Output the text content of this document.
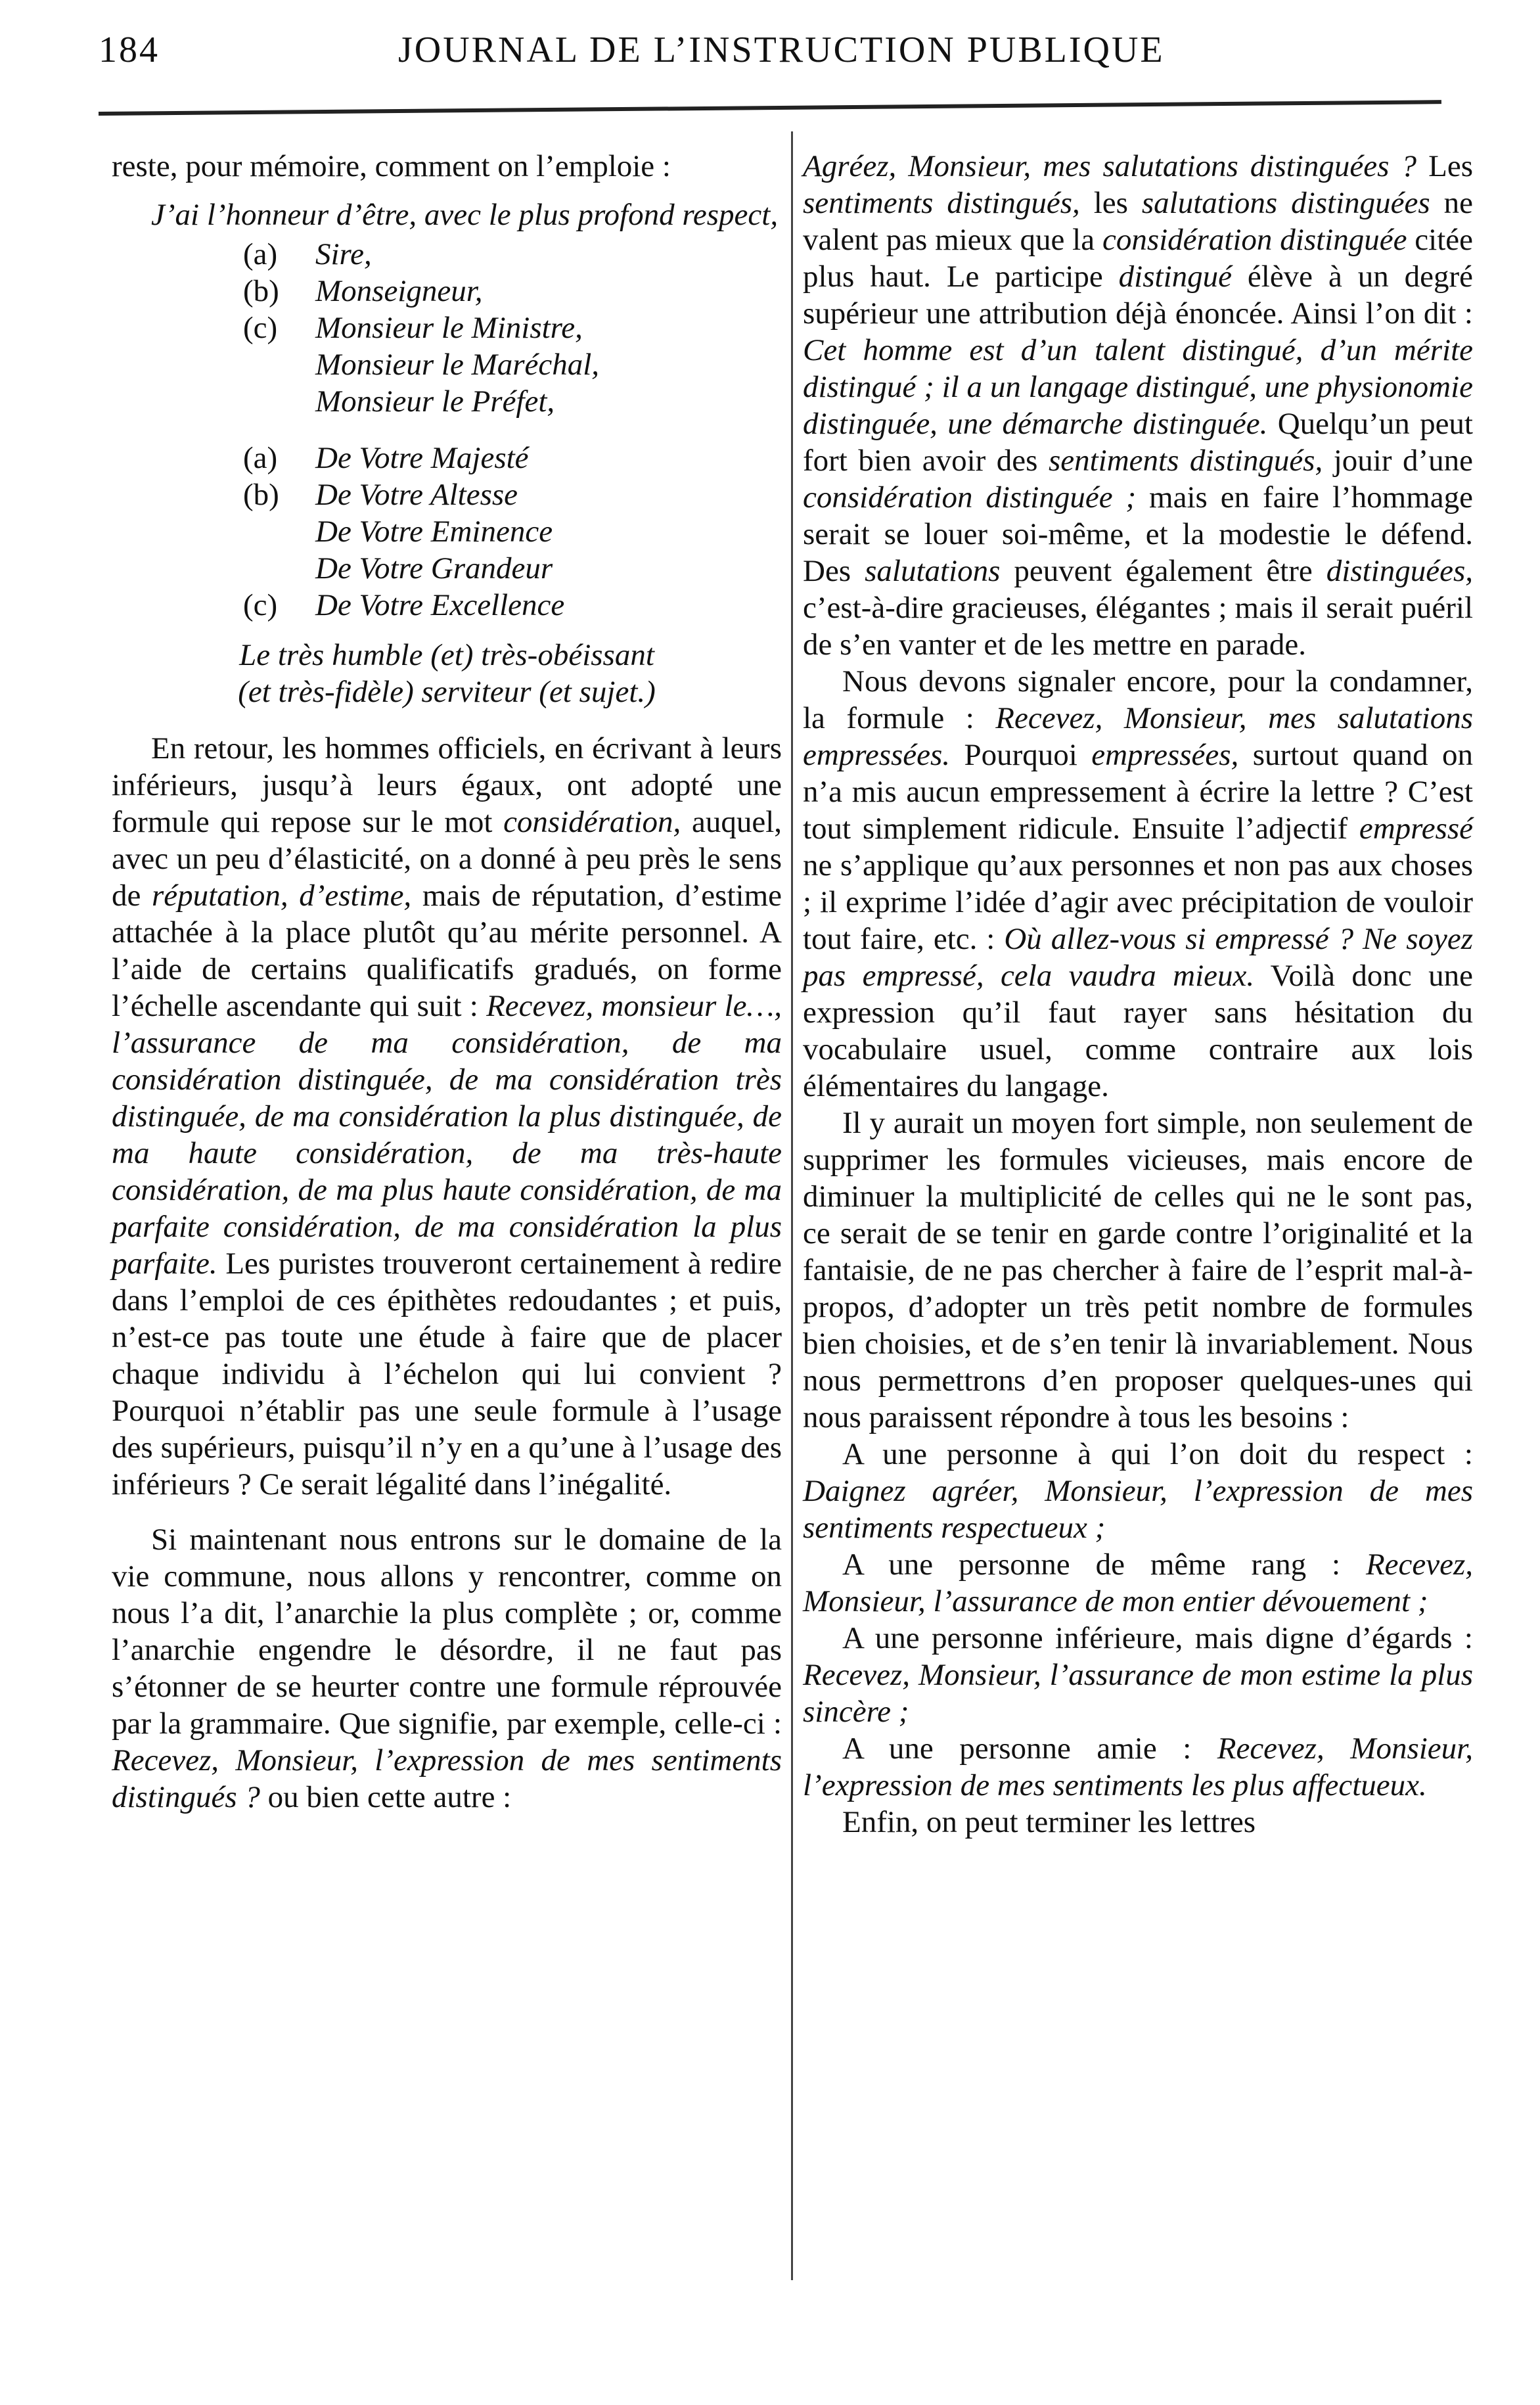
184	JOURNAL DE L’INSTRUCTION PUBLIQUE

reste, pour mémoire, comment on l’emploie :

J’ai l’honneur d’être, avec le plus profond respect,

(a) Sire,
(b) Monseigneur,
(c) Monsieur le Ministre,
Monsieur le Maréchal,
Monsieur le Préfet,
(a) De Votre Majesté
(b) De Votre Altesse
De Votre Eminence
De Votre Grandeur
(c) De Votre Excellence
Le très humble (et) très-obéissant
(et très-fidèle) serviteur (et sujet.)

En retour, les hommes officiels, en écrivant à leurs inférieurs, jusqu’à leurs égaux, ont adopté une formule qui repose sur le mot considération, auquel, avec un peu d’élasticité, on a donné à peu près le sens de réputation, d’estime, mais de réputation, d’estime attachée à la place plutôt qu’au mérite personnel. A l’aide de certains qualificatifs gradués, on forme l’échelle ascendante qui suit : Recevez, monsieur le…, l’assurance de ma considération, de ma considération distinguée, de ma considération très distinguée, de ma considération la plus distinguée, de ma haute considération, de ma très-haute considération, de ma plus haute considération, de ma parfaite considération, de ma considération la plus parfaite. Les puristes trouveront certainement à redire dans l’emploi de ces épithètes redoudantes ; et puis, n’est-ce pas toute une étude à faire que de placer chaque individu à l’échelon qui lui convient ? Pourquoi n’établir pas une seule formule à l’usage des supérieurs, puisqu’il n’y en a qu’une à l’usage des inférieurs ? Ce serait légalité dans l’inégalité.

Si maintenant nous entrons sur le domaine de la vie commune, nous allons y rencontrer, comme on nous l’a dit, l’anarchie la plus complète ; or, comme l’anarchie engendre le désordre, il ne faut pas s’étonner de se heurter contre une formule réprouvée par la grammaire. Que signifie, par exemple, celle-ci : Recevez, Monsieur, l’expression de mes sentiments distingués ? ou bien cette autre :

Agréez, Monsieur, mes salutations distinguées ? Les sentiments distingués, les salutations distinguées ne valent pas mieux que la considération distinguée citée plus haut. Le participe distingué élève à un degré supérieur une attribution déjà énoncée. Ainsi l’on dit : Cet homme est d’un talent distingué, d’un mérite distingué ; il a un langage distingué, une physionomie distinguée, une démarche distinguée. Quelqu’un peut fort bien avoir des sentiments distingués, jouir d’une considération distinguée ; mais en faire l’hommage serait se louer soi-même, et la modestie le défend. Des salutations peuvent également être distinguées, c’est-à-dire gracieuses, élégantes ; mais il serait puéril de s’en vanter et de les mettre en parade.

Nous devons signaler encore, pour la condamner, la formule : Recevez, Monsieur, mes salutations empressées. Pourquoi empressées, surtout quand on n’a mis aucun empressement à écrire la lettre ? C’est tout simplement ridicule. Ensuite l’adjectif empressé ne s’applique qu’aux personnes et non pas aux choses ; il exprime l’idée d’agir avec précipitation de vouloir tout faire, etc. : Où allez-vous si empressé ? Ne soyez pas empressé, cela vaudra mieux. Voilà donc une expression qu’il faut rayer sans hésitation du vocabulaire usuel, comme contraire aux lois élémentaires du langage.

Il y aurait un moyen fort simple, non seulement de supprimer les formules vicieuses, mais encore de diminuer la multiplicité de celles qui ne le sont pas, ce serait de se tenir en garde contre l’originalité et la fantaisie, de ne pas chercher à faire de l’esprit mal-à-propos, d’adopter un très petit nombre de formules bien choisies, et de s’en tenir là invariablement. Nous nous permettrons d’en proposer quelques-unes qui nous paraissent répondre à tous les besoins :

A une personne à qui l’on doit du respect : Daignez agréer, Monsieur, l’expression de mes sentiments respectueux ;

A une personne de même rang : Recevez, Monsieur, l’assurance de mon entier dévouement ;

A une personne inférieure, mais digne d’égards : Recevez, Monsieur, l’assurance de mon estime la plus sincère ;

A une personne amie : Recevez, Monsieur, l’expression de mes sentiments les plus affectueux.

Enfin, on peut terminer les lettres
